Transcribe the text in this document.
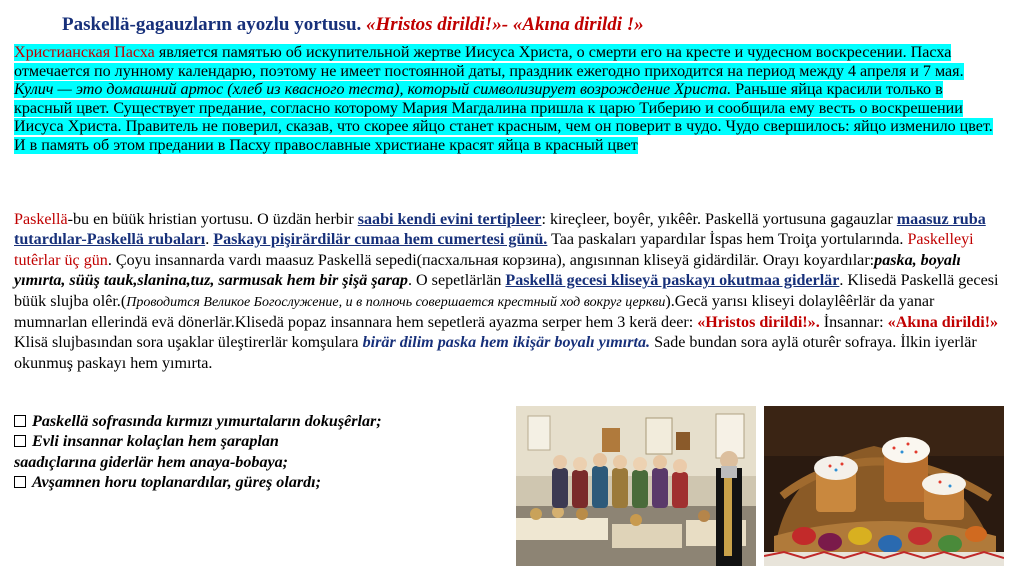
Paskellä-gagauzların ayozlu yortusu. «Hristos dirildi!»- «Akına dirildi !»
Христианская Пасха является памятью об искупительной жертве Иисуса Христа, о смерти его на кресте и чудесном воскресении. Пасха отмечается по лунному календарю, поэтому не имеет постоянной даты, праздник ежегодно приходится на период между 4 апреля и 7 мая. Кулич — это домашний артос (хлеб из квасного теста), который символизирует возрождение Христа. Раньше яйца красили только в красный цвет. Существует предание, согласно которому Мария Магдалина пришла к царю Тиберию и сообщила ему весть о воскрешении Иисуса Христа. Правитель не поверил, сказав, что скорее яйцо станет красным, чем он поверит в чудо. Чудо свершилось: яйцо изменило цвет. И в память об этом предании в Пасху православные христиане красят яйца в красный цвет
Paskellä-bu en büük hristian yortusu. O üzdän herbir saabi kendi evini tertipleer: kireçleer, boyêr, yıkêêr. Paskellä yortusuna gagauzlar maasuz ruba tutardılar-Paskellä rubaları. Paskayı pişirärdilär cumaa hem cumertesi günü. Taa paskaları yapardılar İspas hem Troiţa yortularında. Paskelleyi tutêrlar üç gün. Çoyu insannarda vardı maasuz Paskellä sepedi(пасхальная корзина), angısınnan kliseyä gidärdilär. Orayı koyardılar:paska, boyalı yımırta, süüş tauk,slanina,tuz, sarmusak hem bir şişä şarap. O sepetlärlän Paskellä gecesi kliseyä paskayı okutmaa giderlär. Klisedä Paskellä gecesi büük slujba olêr.(Проводится Великое Богослужение, и в полночь совершается крестный ход вокруг церкви).Gecä yarısı kliseyi dolaylêêrlär da yanar mumnarlan ellerindä evä dönerlär.Klisedä popaz insannara hem sepetlerä ayazma serper hem 3 kerä deer: «Hristos dirildi!». İnsannar: «Akına dirildi!» Klisä slujbasından sora uşaklar üleştirerlär komşulara birär dilim paska hem ikişär boyalı yımırta. Sade bundan sora aylä oturêr sofraya. İlkin iyerlär okunmuş paskayı hem yımırta.
Paskellä sofrasında kırmızı yımurtaların dokuşêrlar;
Evli insannar kolaçlan hem şaraplan
saadıçlarına giderlär hem anaya-bobaya;
Avşamnen horu toplanardılar, güreş olardı;
